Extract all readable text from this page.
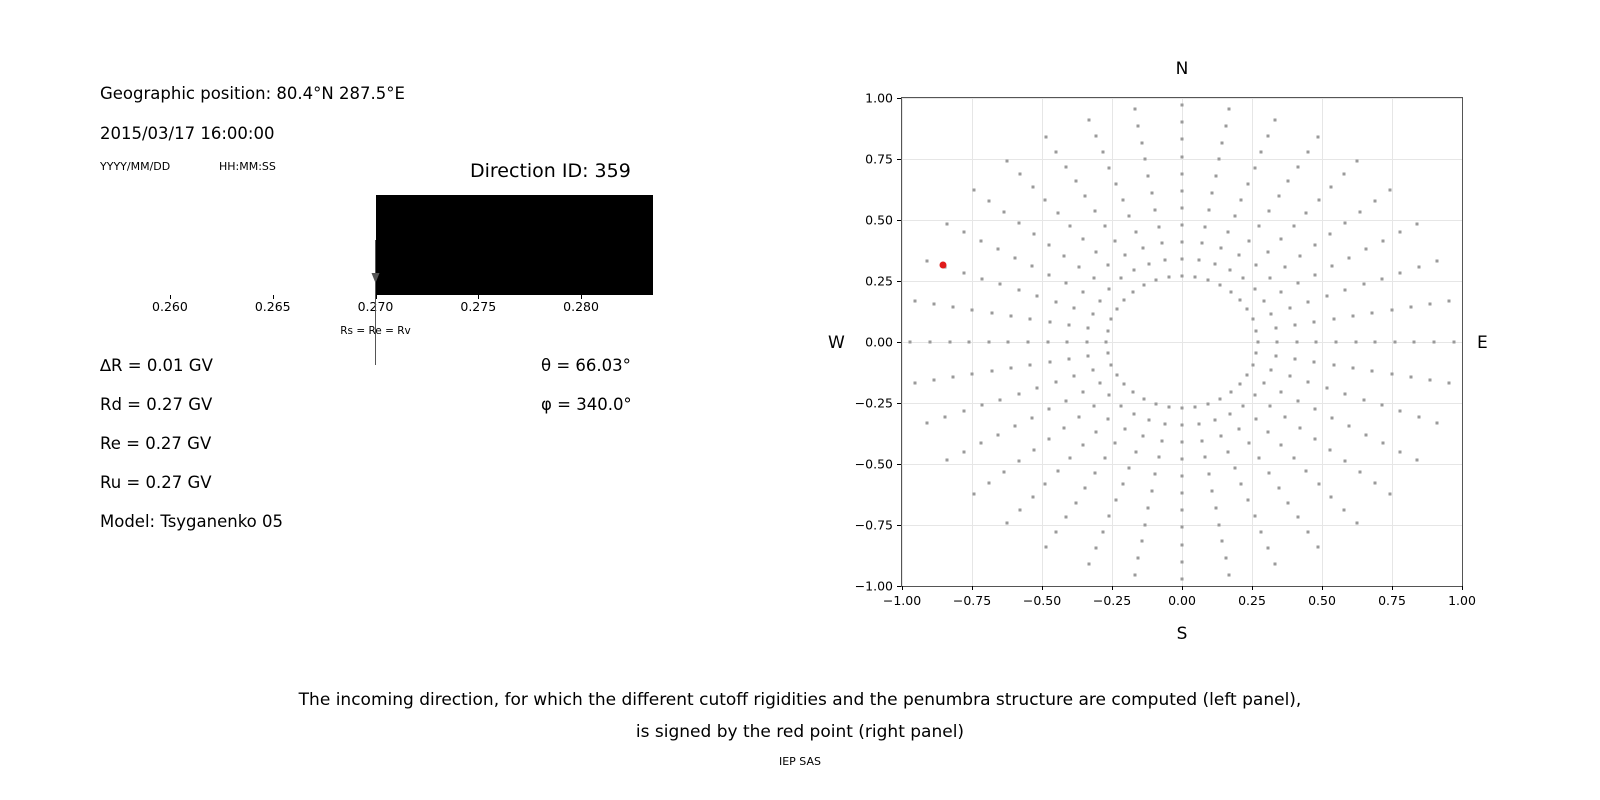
Geographic position: 80.4°N 287.5°E
2015/03/17 16:00:00
YYYY/MM/DD	HH:MM:SS	Direction ID: 359
0.260	0.265	0.270	0.275	0.280
Rs = Re = Rv
∆R = 0.01 GV
Rd = 0.27 GV
Re = 0.27 GV
Ru = 0.27 GV
Model: Tsyganenko 05
θ = 66.03°
φ = 340.0°
N
S
W	E
−1.00	−0.75	−0.50	−0.25	0.00	0.25	0.50	0.75	1.00
−1.00
−0.75
−0.50
−0.25
0.00
0.25
0.50
0.75
1.00
The incoming direction, for which the different cutoff rigidities and the penumbra structure are computed (left panel),
is signed by the red point (right panel)
IEP SAS
